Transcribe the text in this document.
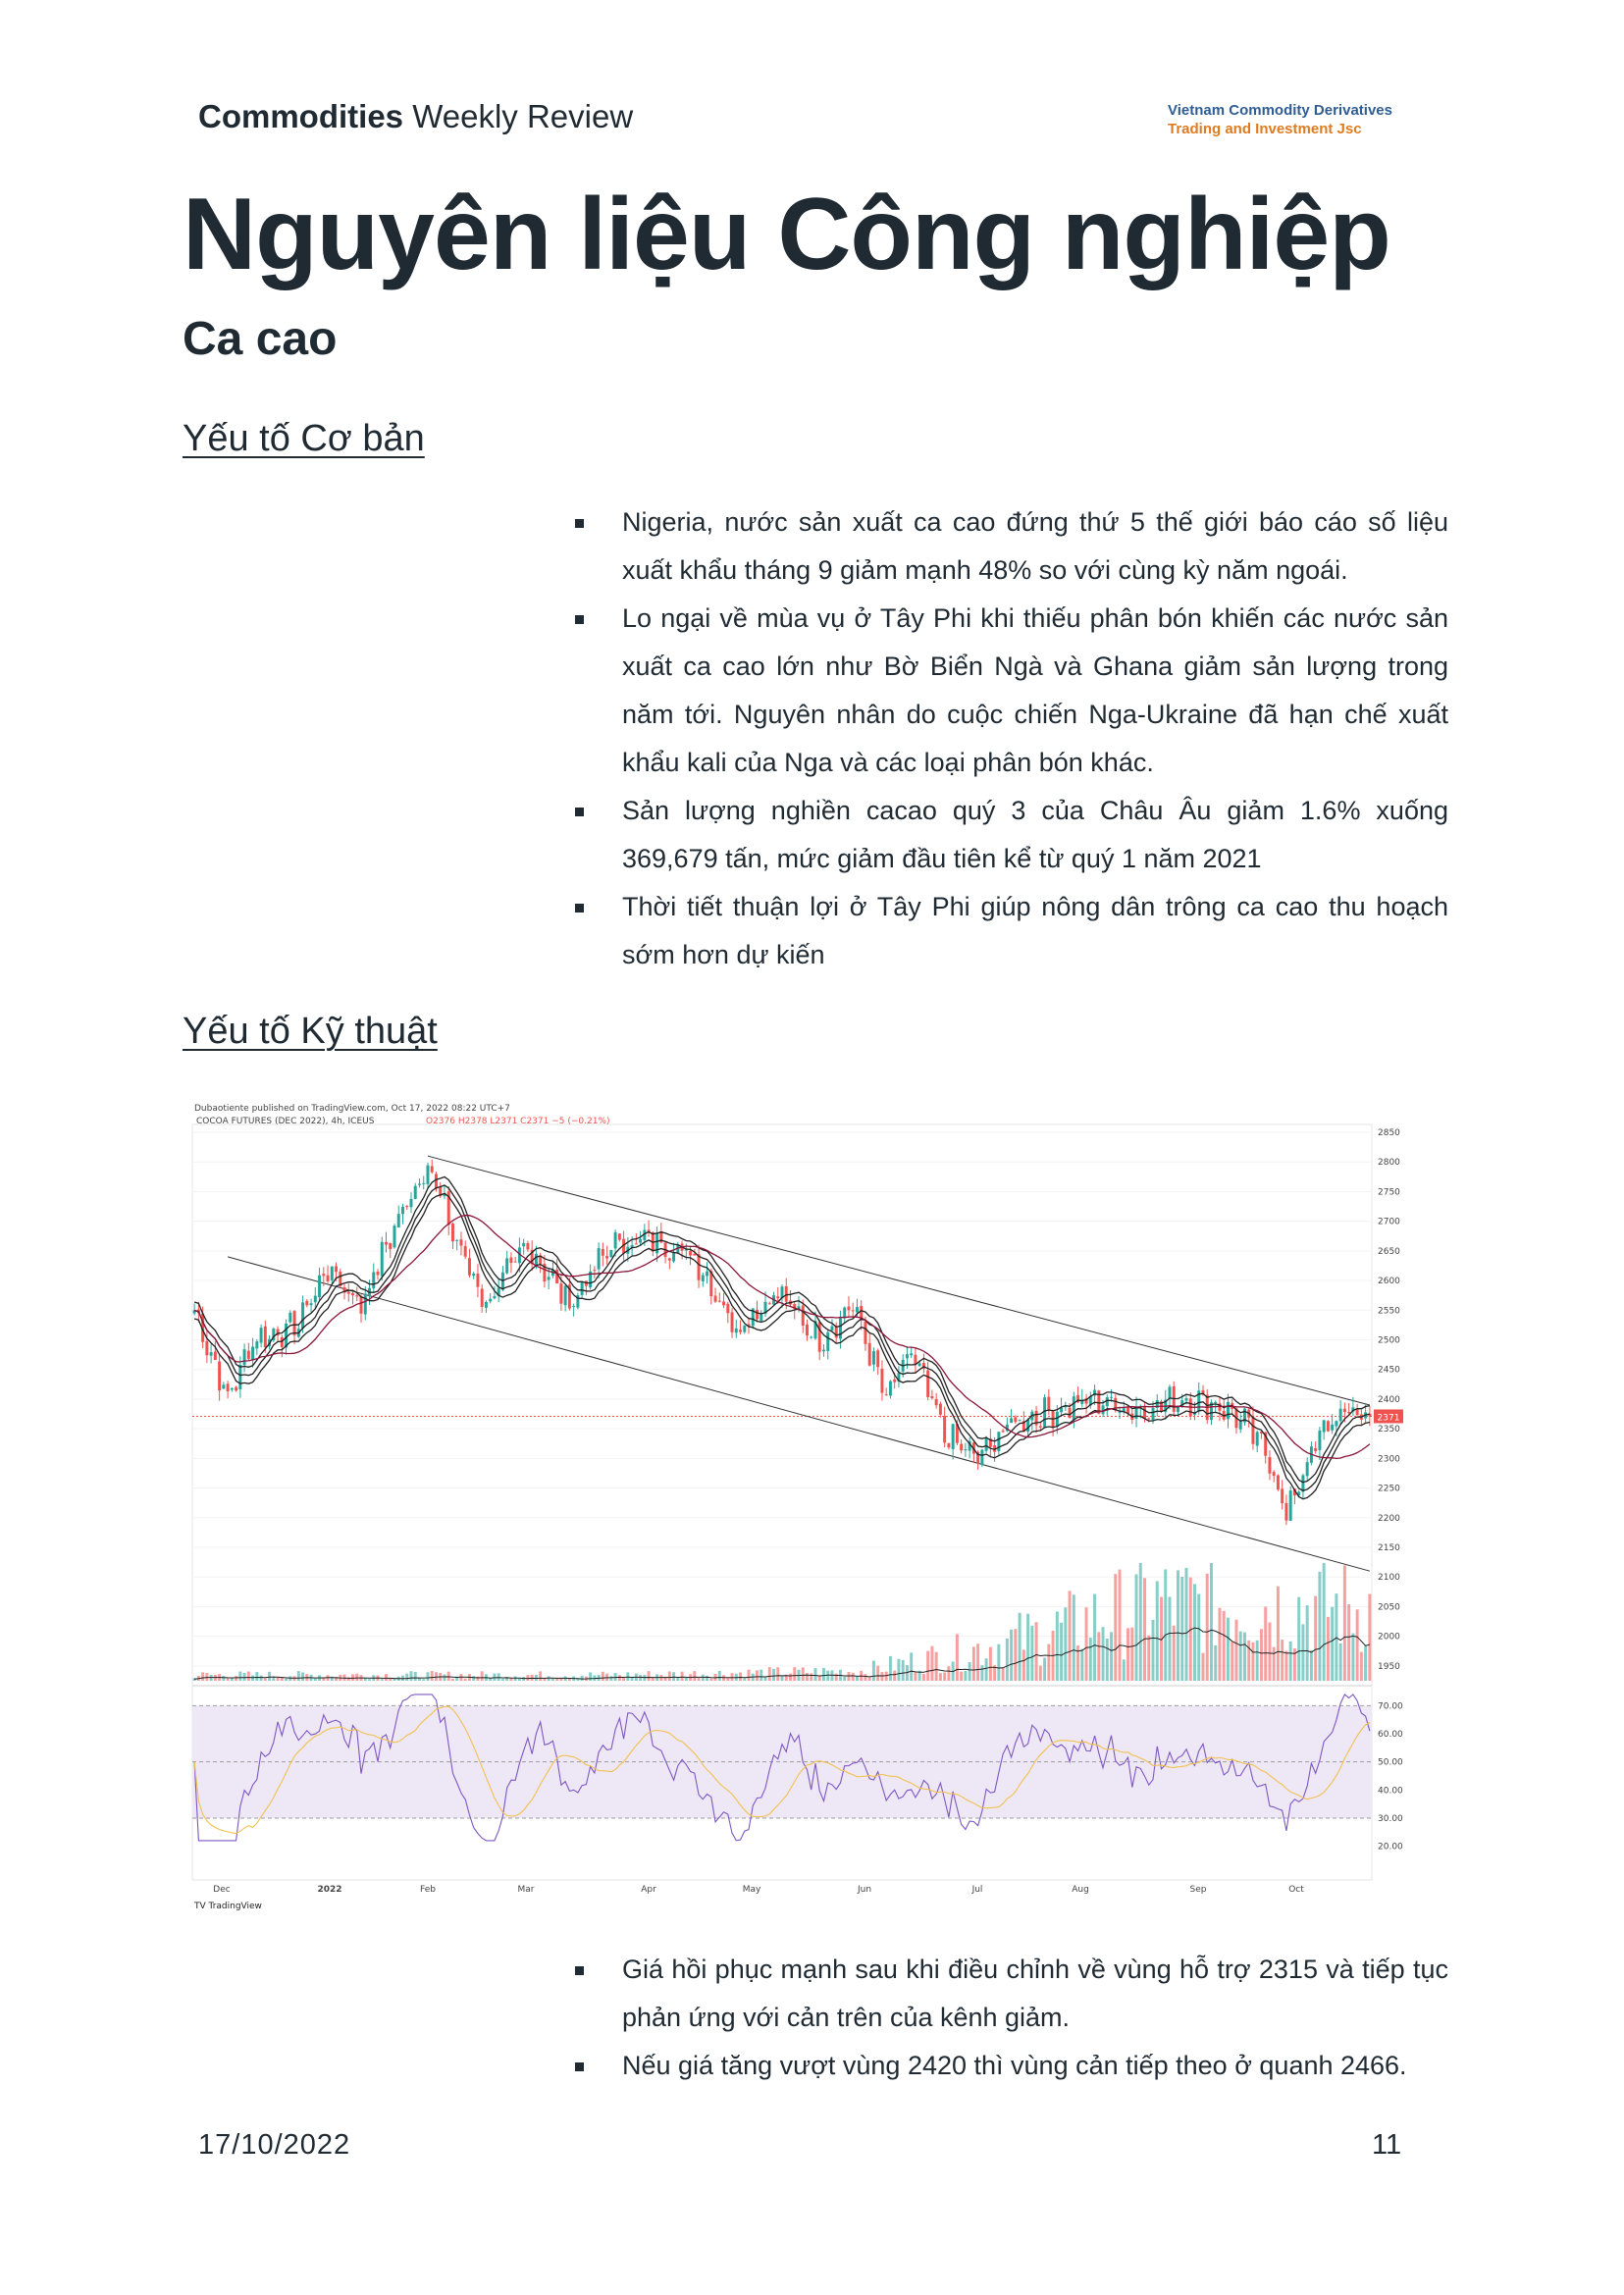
Commodities Weekly Review	Vietnam Commodity Derivatives
Trading and Investment Jsc
Nguyên liệu Công nghiệp
Ca cao
Yếu tố Cơ bản
Nigeria, nước sản xuất ca cao đứng thứ 5 thế giới báo cáo số liệu xuất khẩu tháng 9 giảm mạnh 48% so với cùng kỳ năm ngoái.
Lo ngại về mùa vụ ở Tây Phi khi thiếu phân bón khiến các nước sản xuất ca cao lớn như Bờ Biển Ngà và Ghana giảm sản lượng trong năm tới. Nguyên nhân do cuộc chiến Nga-Ukraine đã hạn chế xuất khẩu kali của Nga và các loại phân bón khác.
Sản lượng nghiền cacao quý 3 của Châu Âu giảm 1.6% xuống 369,679 tấn, mức giảm đầu tiên kể từ quý 1 năm 2021
Thời tiết thuận lợi ở Tây Phi giúp nông dân trông ca cao thu hoạch sớm hơn dự kiến
Yếu tố Kỹ thuật
Dubaotiente published on TradingView.com, Oct 17, 2022 08:22 UTC+7
COCOA FUTURES (DEC 2022), 4h, ICEUS	O2376 H2378 L2371 C2371 −5 (−0.21%)
2850
2800
2750
2700
2650
2600
2550
2500
2450
2400
2350
2300
2250
2200
2150
2100
2050
2000
1950
2371
70.00
60.00
50.00
40.00
30.00
20.00
Dec	2022	Feb	Mar	Apr	May	Jun	Jul	Aug	Sep	Oct
TV TradingView
Giá hồi phục mạnh sau khi điều chỉnh về vùng hỗ trợ 2315 và tiếp tục phản ứng với cản trên của kênh giảm.
Nếu giá tăng vượt vùng 2420 thì vùng cản tiếp theo ở quanh 2466.
17/10/2022	11
